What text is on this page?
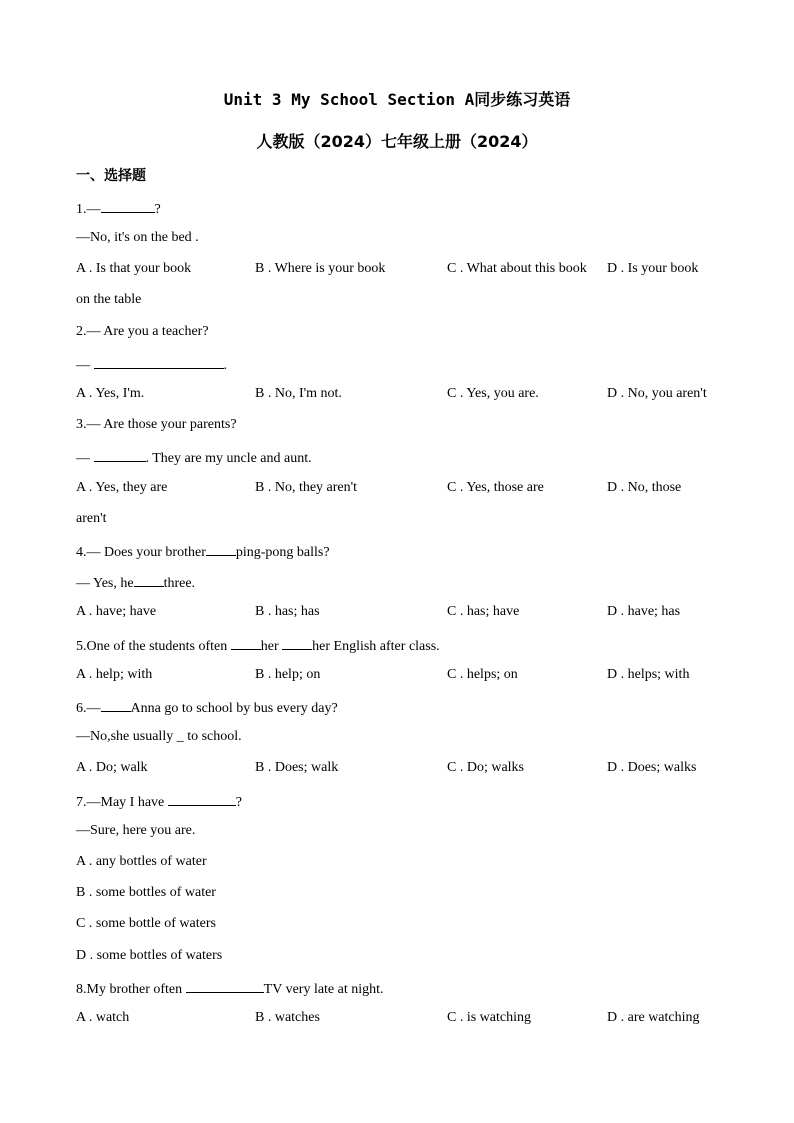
Unit 3 My School Section A同步练习英语
人教版（2024）七年级上册（2024）
一、选择题
1.—	?
—No, it's on the bed .
A . Is that your book	B . Where is your book	C . What about this book D . Is your book
on the table
2.— Are you a teacher?
—	.
A . Yes, I'm.	B . No, I'm not.	C . Yes, you are.	D . No, you aren't
3.— Are those your parents?
—	. They are my uncle and aunt.
A . Yes, they are	B . No, they aren't	C . Yes, those are	D . No, those
aren't
4.— Does your brother ping-pong balls?
— Yes, he three.
A . have; have	B . has; has	C . has; have	D . have; has
5.One of the students often her her English after class.
A . help; with	B . help; on	C . helps; on	D . helps; with
6.— Anna go to school by bus every day?
—No,she usually _ to school.
A . Do; walk	B . Does; walk	C . Do; walks	D . Does; walks
7.—May I have	?
—Sure, here you are.
A . any bottles of water
B . some bottles of water
C . some bottle of waters
D . some bottles of waters
8.My brother often	TV very late at night.
A . watch	B . watches	C . is watching	D . are watching
